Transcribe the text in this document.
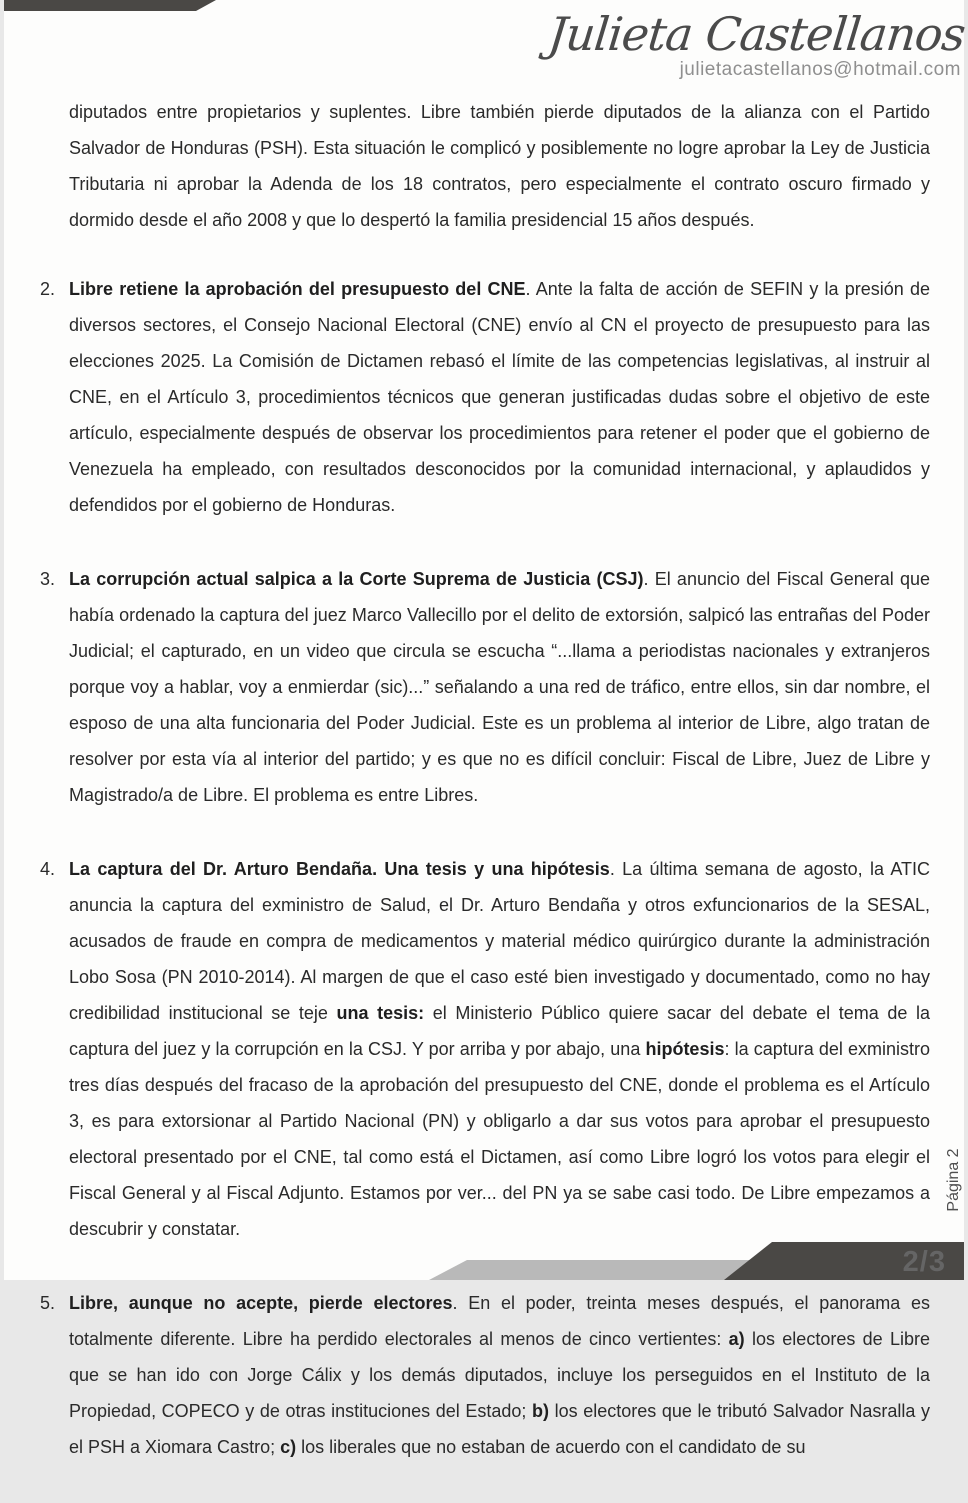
Julieta Castellanos
julietacastellanos@hotmail.com

diputados entre propietarios y suplentes. Libre también pierde diputados de la alianza con el Partido Salvador de Honduras (PSH). Esta situación le complicó y posiblemente no logre aprobar la Ley de Justicia Tributaria ni aprobar la Adenda de los 18 contratos, pero especialmente el contrato oscuro firmado y dormido desde el año 2008 y que lo despertó la familia presidencial 15 años después.

2. Libre retiene la aprobación del presupuesto del CNE. Ante la falta de acción de SEFIN y la presión de diversos sectores, el Consejo Nacional Electoral (CNE) envío al CN el proyecto de presupuesto para las elecciones 2025. La Comisión de Dictamen rebasó el límite de las competencias legislativas, al instruir al CNE, en el Artículo 3, procedimientos técnicos que generan justificadas dudas sobre el objetivo de este artículo, especialmente después de observar los procedimientos para retener el poder que el gobierno de Venezuela ha empleado, con resultados desconocidos por la comunidad internacional, y aplaudidos y defendidos por el gobierno de Honduras.

3. La corrupción actual salpica a la Corte Suprema de Justicia (CSJ). El anuncio del Fiscal General que había ordenado la captura del juez Marco Vallecillo por el delito de extorsión, salpicó las entrañas del Poder Judicial; el capturado, en un video que circula se escucha “...llama a periodistas nacionales y extranjeros porque voy a hablar, voy a enmierdar (sic)...” señalando a una red de tráfico, entre ellos, sin dar nombre, el esposo de una alta funcionaria del Poder Judicial. Este es un problema al interior de Libre, algo tratan de resolver por esta vía al interior del partido; y es que no es difícil concluir: Fiscal de Libre, Juez de Libre y Magistrado/a de Libre. El problema es entre Libres.

4. La captura del Dr. Arturo Bendaña. Una tesis y una hipótesis. La última semana de agosto, la ATIC anuncia la captura del exministro de Salud, el Dr. Arturo Bendaña y otros exfuncionarios de la SESAL, acusados de fraude en compra de medicamentos y material médico quirúrgico durante la administración Lobo Sosa (PN 2010-2014). Al margen de que el caso esté bien investigado y documentado, como no hay credibilidad institucional se teje una tesis: el Ministerio Público quiere sacar del debate el tema de la captura del juez y la corrupción en la CSJ. Y por arriba y por abajo, una hipótesis: la captura del exministro tres días después del fracaso de la aprobación del presupuesto del CNE, donde el problema es el Artículo 3, es para extorsionar al Partido Nacional (PN) y obligarlo a dar sus votos para aprobar el presupuesto electoral presentado por el CNE, tal como está el Dictamen, así como Libre logró los votos para elegir el Fiscal General y al Fiscal Adjunto. Estamos por ver... del PN ya se sabe casi todo. De Libre empezamos a descubrir y constatar.

5. Libre, aunque no acepte, pierde electores. En el poder, treinta meses después, el panorama es totalmente diferente. Libre ha perdido electorales al menos de cinco vertientes: a) los electores de Libre que se han ido con Jorge Cálix y los demás diputados, incluye los perseguidos en el Instituto de la Propiedad, COPECO y de otras instituciones del Estado; b) los electores que le tributó Salvador Nasralla y el PSH a Xiomara Castro; c) los liberales que no estaban de acuerdo con el candidato de su

Página 2
2/3
